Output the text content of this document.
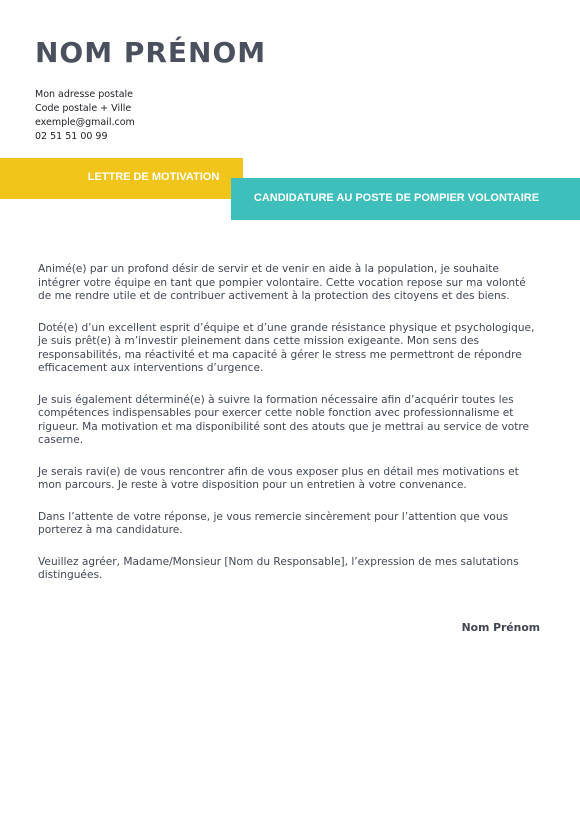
NOM PRÉNOM
Mon adresse postale
Code postale + Ville
exemple@gmail.com
02 51 51 00 99
LETTRE DE MOTIVATION
CANDIDATURE AU POSTE DE POMPIER VOLONTAIRE

Animé(e) par un profond désir de servir et de venir en aide à la population, je souhaite intégrer votre équipe en tant que pompier volontaire. Cette vocation repose sur ma volonté de me rendre utile et de contribuer activement à la protection des citoyens et des biens.

Doté(e) d’un excellent esprit d’équipe et d’une grande résistance physique et psychologique, je suis prêt(e) à m’investir pleinement dans cette mission exigeante. Mon sens des responsabilités, ma réactivité et ma capacité à gérer le stress me permettront de répondre efficacement aux interventions d’urgence.

Je suis également déterminé(e) à suivre la formation nécessaire afin d’acquérir toutes les compétences indispensables pour exercer cette noble fonction avec professionnalisme et rigueur. Ma motivation et ma disponibilité sont des atouts que je mettrai au service de votre caserne.

Je serais ravi(e) de vous rencontrer afin de vous exposer plus en détail mes motivations et mon parcours. Je reste à votre disposition pour un entretien à votre convenance.

Dans l’attente de votre réponse, je vous remercie sincèrement pour l’attention que vous porterez à ma candidature.

Veuillez agréer, Madame/Monsieur [Nom du Responsable], l’expression de mes salutations distinguées.

Nom Prénom
